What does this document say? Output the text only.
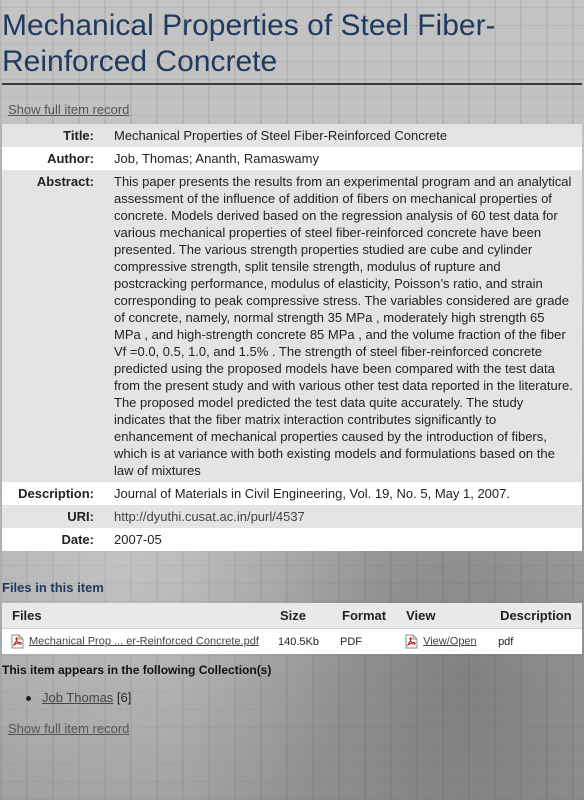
Mechanical Properties of Steel Fiber-Reinforced Concrete
Show full item record
Title:	Mechanical Properties of Steel Fiber-Reinforced Concrete
Author:	Job, Thomas; Ananth, Ramaswamy
Abstract:	This paper presents the results from an experimental program and an analytical assessment of the influence of addition of fibers on mechanical properties of concrete. Models derived based on the regression analysis of 60 test data for various mechanical properties of steel fiber-reinforced concrete have been presented. The various strength properties studied are cube and cylinder compressive strength, split tensile strength, modulus of rupture and postcracking performance, modulus of elasticity, Poisson’s ratio, and strain corresponding to peak compressive stress. The variables considered are grade of concrete, namely, normal strength 35 MPa , moderately high strength 65 MPa , and high-strength concrete 85 MPa , and the volume fraction of the fiber Vf =0.0, 0.5, 1.0, and 1.5% . The strength of steel fiber-reinforced concrete predicted using the proposed models have been compared with the test data from the present study and with various other test data reported in the literature. The proposed model predicted the test data quite accurately. The study indicates that the fiber matrix interaction contributes significantly to enhancement of mechanical properties caused by the introduction of fibers, which is at variance with both existing models and formulations based on the law of mixtures
Description:	Journal of Materials in Civil Engineering, Vol. 19, No. 5, May 1, 2007.
URI:	http://dyuthi.cusat.ac.in/purl/4537
Date:	2007-05
Files in this item
Files	Size	Format	View	Description
Mechanical Prop ... er-Reinforced Concrete.pdf	140.5Kb	PDF	View/Open	pdf
This item appears in the following Collection(s)
Job Thomas [6]
Show full item record
